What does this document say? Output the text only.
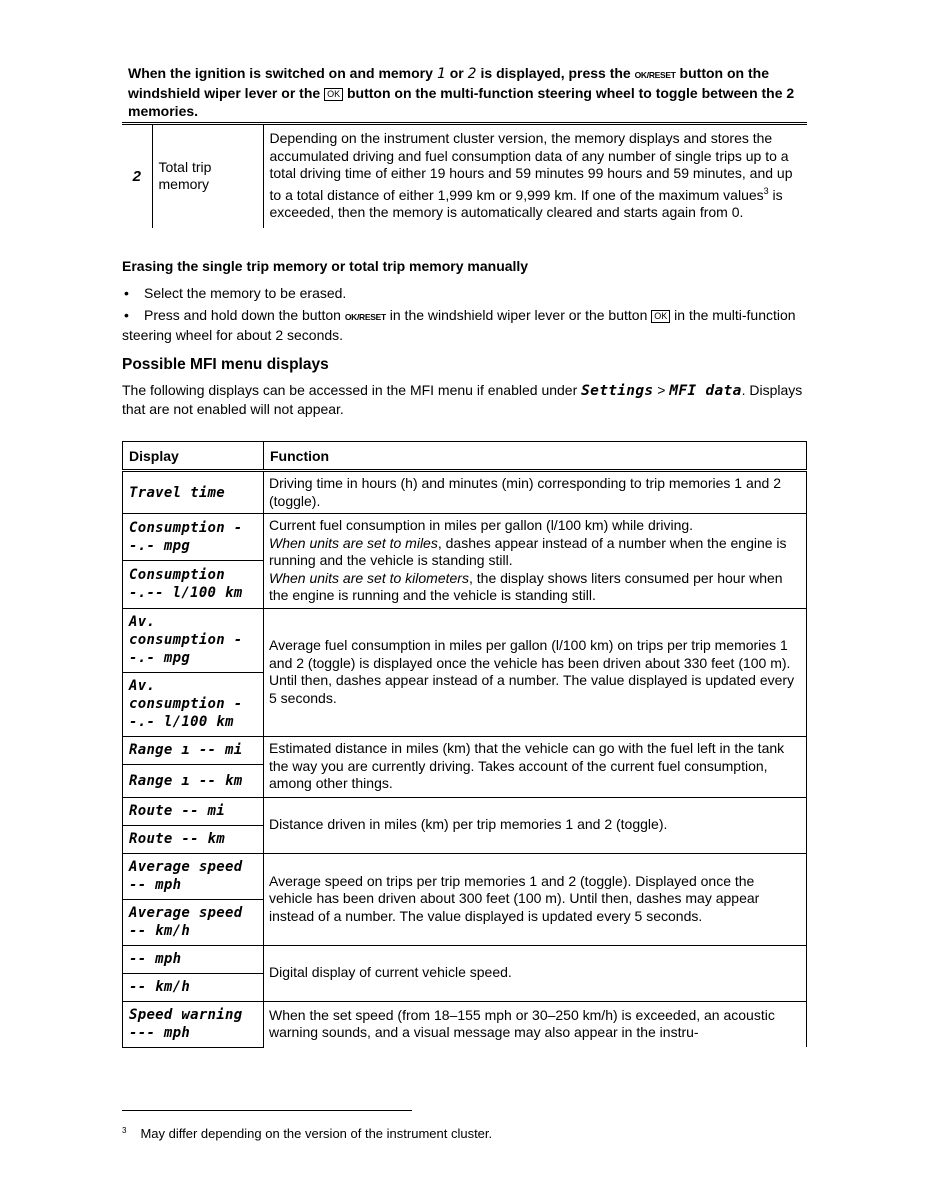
When the ignition is switched on and memory 1 or 2 is displayed, press the OK/RESET button on the windshield wiper lever or the OK button on the multi-function steering wheel to toggle between the 2 memories.
2	Total trip memory	Depending on the instrument cluster version, the memory displays and stores the accumulated driving and fuel consumption data of any number of single trips up to a total driving time of either 19 hours and 59 minutes 99 hours and 59 minutes, and up to a total distance of either 1,999 km or 9,999 km. If one of the maximum values$^3$ is exceeded, then the memory is automatically cleared and starts again from 0.
Erasing the single trip memory or total trip memory manually
• Select the memory to be erased.
• Press and hold down the button OK/RESET in the windshield wiper lever or the button OK in the multi-function steering wheel for about 2 seconds.
Possible MFI menu displays
The following displays can be accessed in the MFI menu if enabled under Settings > MFI data. Displays that are not enabled will not appear.
Display	Function
Travel time	Driving time in hours (h) and minutes (min) corresponding to trip memories 1 and 2 (toggle).
Consumption --.- mpg	Current fuel consumption in miles per gallon (l/100 km) while driving.
When units are set to miles, dashes appear instead of a number when the engine is running and the vehicle is standing still.
When units are set to kilometers, the display shows liters consumed per hour when the engine is running and the vehicle is standing still.
Consumption -.-- l/100 km	
Av. consumption --.- mpg	Average fuel consumption in miles per gallon (l/100 km) on trips per trip memories 1 and 2 (toggle) is displayed once the vehicle has been driven about 330 feet (100 m). Until then, dashes appear instead of a number. The value displayed is updated every 5 seconds.
Av. consumption --.- l/100 km	
Range ı -- mi	Estimated distance in miles (km) that the vehicle can go with the fuel left in the tank the way you are currently driving. Takes account of the current fuel consumption, among other things.
Range ı -- km	
Route -- mi	Distance driven in miles (km) per trip memories 1 and 2 (toggle).
Route -- km	
Average speed -- mph	Average speed on trips per trip memories 1 and 2 (toggle). Displayed once the vehicle has been driven about 300 feet (100 m). Until then, dashes may appear instead of a number. The value displayed is updated every 5 seconds.
Average speed -- km/h	
-- mph	Digital display of current vehicle speed.
-- km/h	
Speed warning --- mph	When the set speed (from 18–155 mph or 30–250 km/h) is exceeded, an acoustic warning sounds, and a visual message may also appear in the instru-
$^3$ May differ depending on the version of the instrument cluster.
